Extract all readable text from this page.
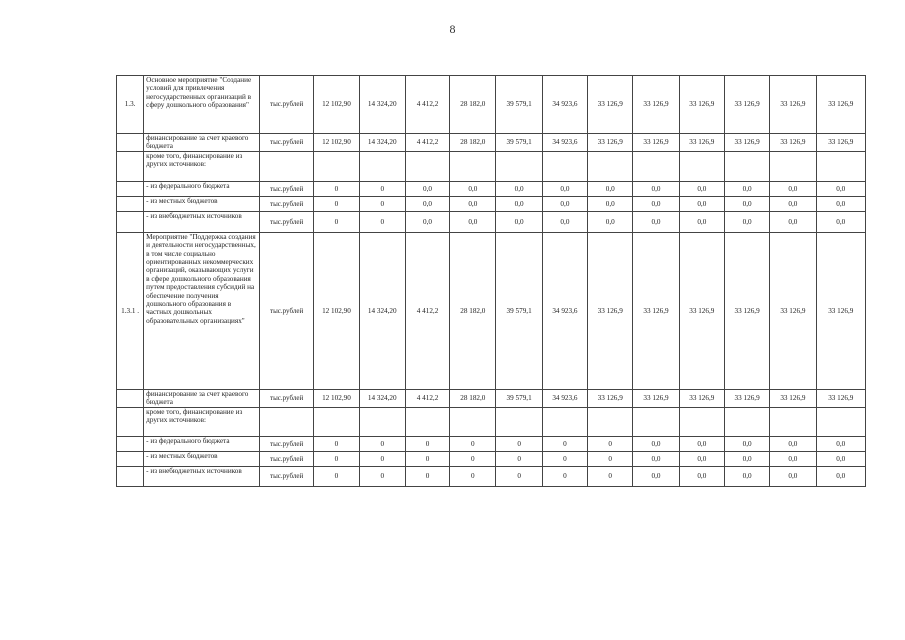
8
1.3.	Основное мероприятие "Создание условий для привлечения негосударственных организаций в сферу дошкольного образования"	тыс.рублей	12 102,90	14 324,20	4 412,2	28 182,0	39 579,1	34 923,6	33 126,9	33 126,9	33 126,9	33 126,9	33 126,9	33 126,9
	финансирование за счет краевого бюджета	тыс.рублей	12 102,90	14 324,20	4 412,2	28 182,0	39 579,1	34 923,6	33 126,9	33 126,9	33 126,9	33 126,9	33 126,9	33 126,9
	кроме того, финансирование из других источников:													
	- из федерального бюджета	тыс.рублей	0	0	0,0	0,0	0,0	0,0	0,0	0,0	0,0	0,0	0,0	0,0
	- из местных бюджетов	тыс.рублей	0	0	0,0	0,0	0,0	0,0	0,0	0,0	0,0	0,0	0,0	0,0
	- из внебюджетных источников	тыс.рублей	0	0	0,0	0,0	0,0	0,0	0,0	0,0	0,0	0,0	0,0	0,0
1.3.1 .	Мероприятие "Поддержка создания и деятельности негосударственных, в том числе социально ориентированных некоммерческих организаций, оказывающих услуги в сфере дошкольного образования путем предоставления субсидий на обеспечение получения дошкольного образования в частных дошкольных образовательных организациях"	тыс.рублей	12 102,90	14 324,20	4 412,2	28 182,0	39 579,1	34 923,6	33 126,9	33 126,9	33 126,9	33 126,9	33 126,9	33 126,9
	финансирование за счет краевого бюджета	тыс.рублей	12 102,90	14 324,20	4 412,2	28 182,0	39 579,1	34 923,6	33 126,9	33 126,9	33 126,9	33 126,9	33 126,9	33 126,9
	кроме того, финансирование из других источников:													
	- из федерального бюджета	тыс.рублей	0	0	0	0	0	0	0	0,0	0,0	0,0	0,0	0,0
	- из местных бюджетов	тыс.рублей	0	0	0	0	0	0	0	0,0	0,0	0,0	0,0	0,0
	- из внебюджетных источников	тыс.рублей	0	0	0	0	0	0	0	0,0	0,0	0,0	0,0	0,0
